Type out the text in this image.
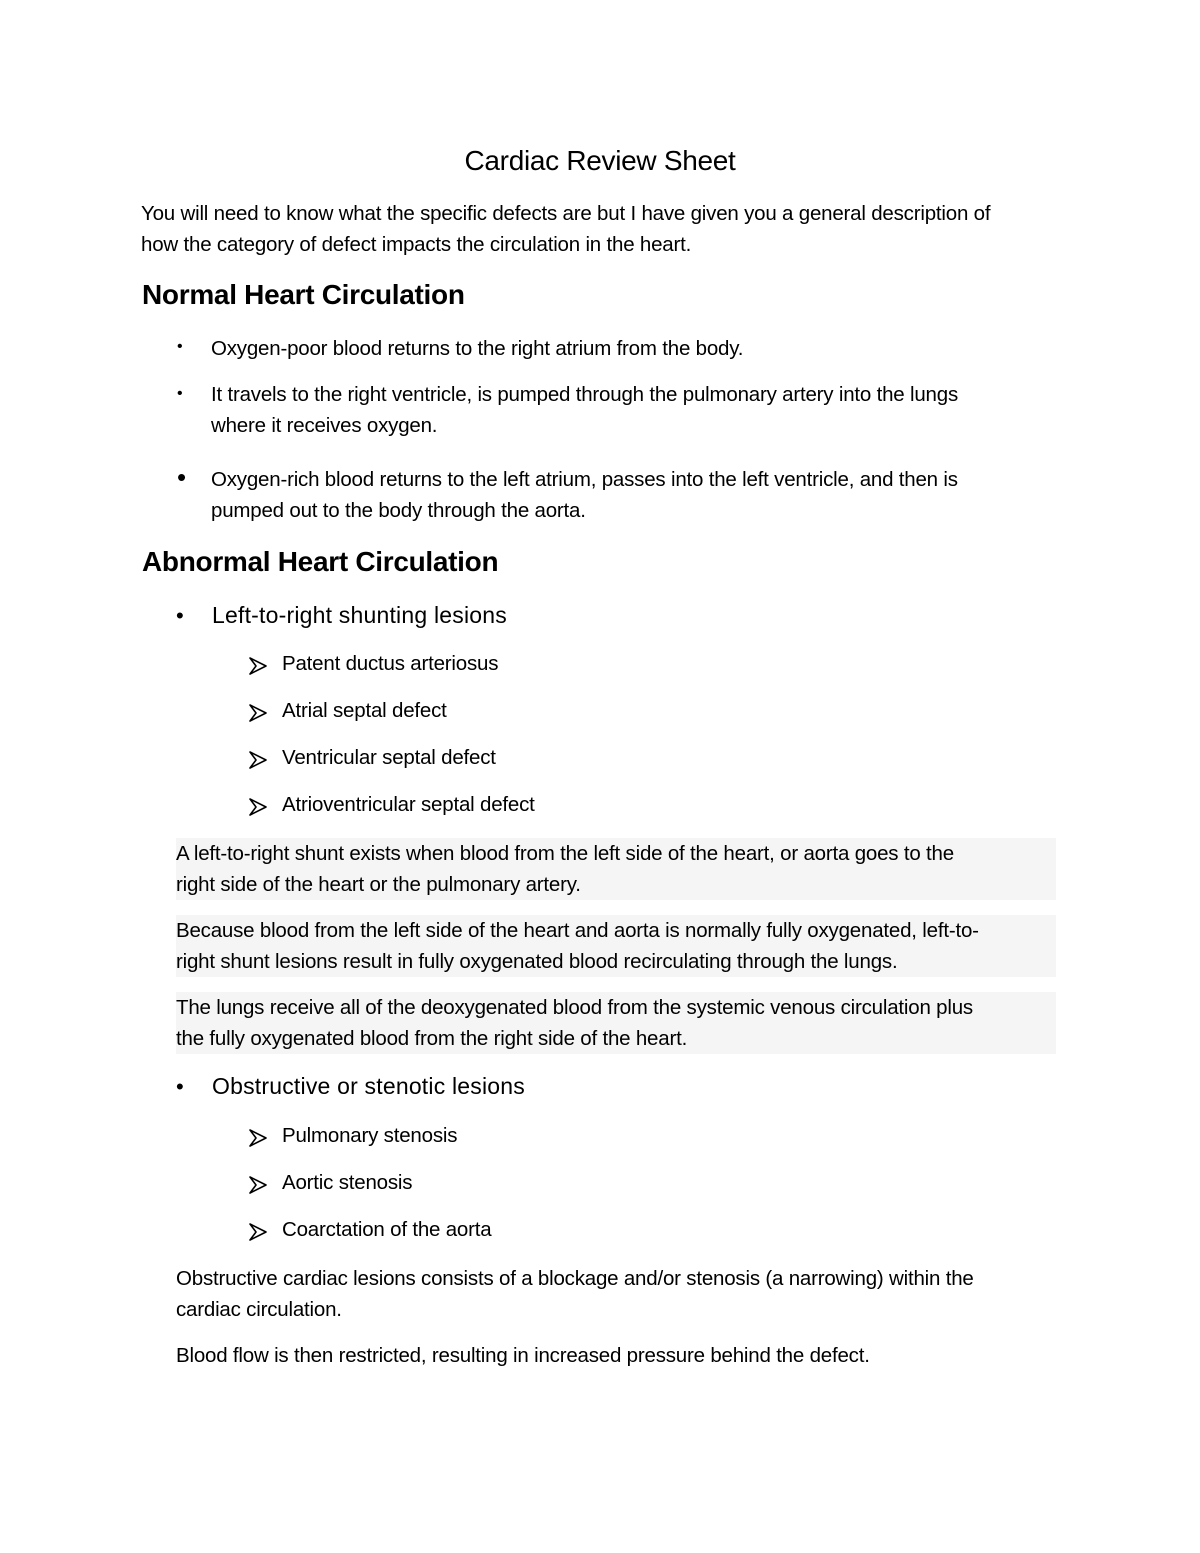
Cardiac Review Sheet
You will need to know what the specific defects are but I have given you a general description of
how the category of defect impacts the circulation in the heart.
Normal Heart Circulation
• Oxygen-poor blood returns to the right atrium from the body.
• It travels to the right ventricle, is pumped through the pulmonary artery into the lungs
where it receives oxygen.
• Oxygen-rich blood returns to the left atrium, passes into the left ventricle, and then is
pumped out to the body through the aorta.
Abnormal Heart Circulation
• Left-to-right shunting lesions
Patent ductus arteriosus
Atrial septal defect
Ventricular septal defect
Atrioventricular septal defect
A left-to-right shunt exists when blood from the left side of the heart, or aorta goes to the
right side of the heart or the pulmonary artery.
Because blood from the left side of the heart and aorta is normally fully oxygenated, left-to-
right shunt lesions result in fully oxygenated blood recirculating through the lungs.
The lungs receive all of the deoxygenated blood from the systemic venous circulation plus
the fully oxygenated blood from the right side of the heart.
• Obstructive or stenotic lesions
Pulmonary stenosis
Aortic stenosis
Coarctation of the aorta
Obstructive cardiac lesions consists of a blockage and/or stenosis (a narrowing) within the
cardiac circulation.
Blood flow is then restricted, resulting in increased pressure behind the defect.
